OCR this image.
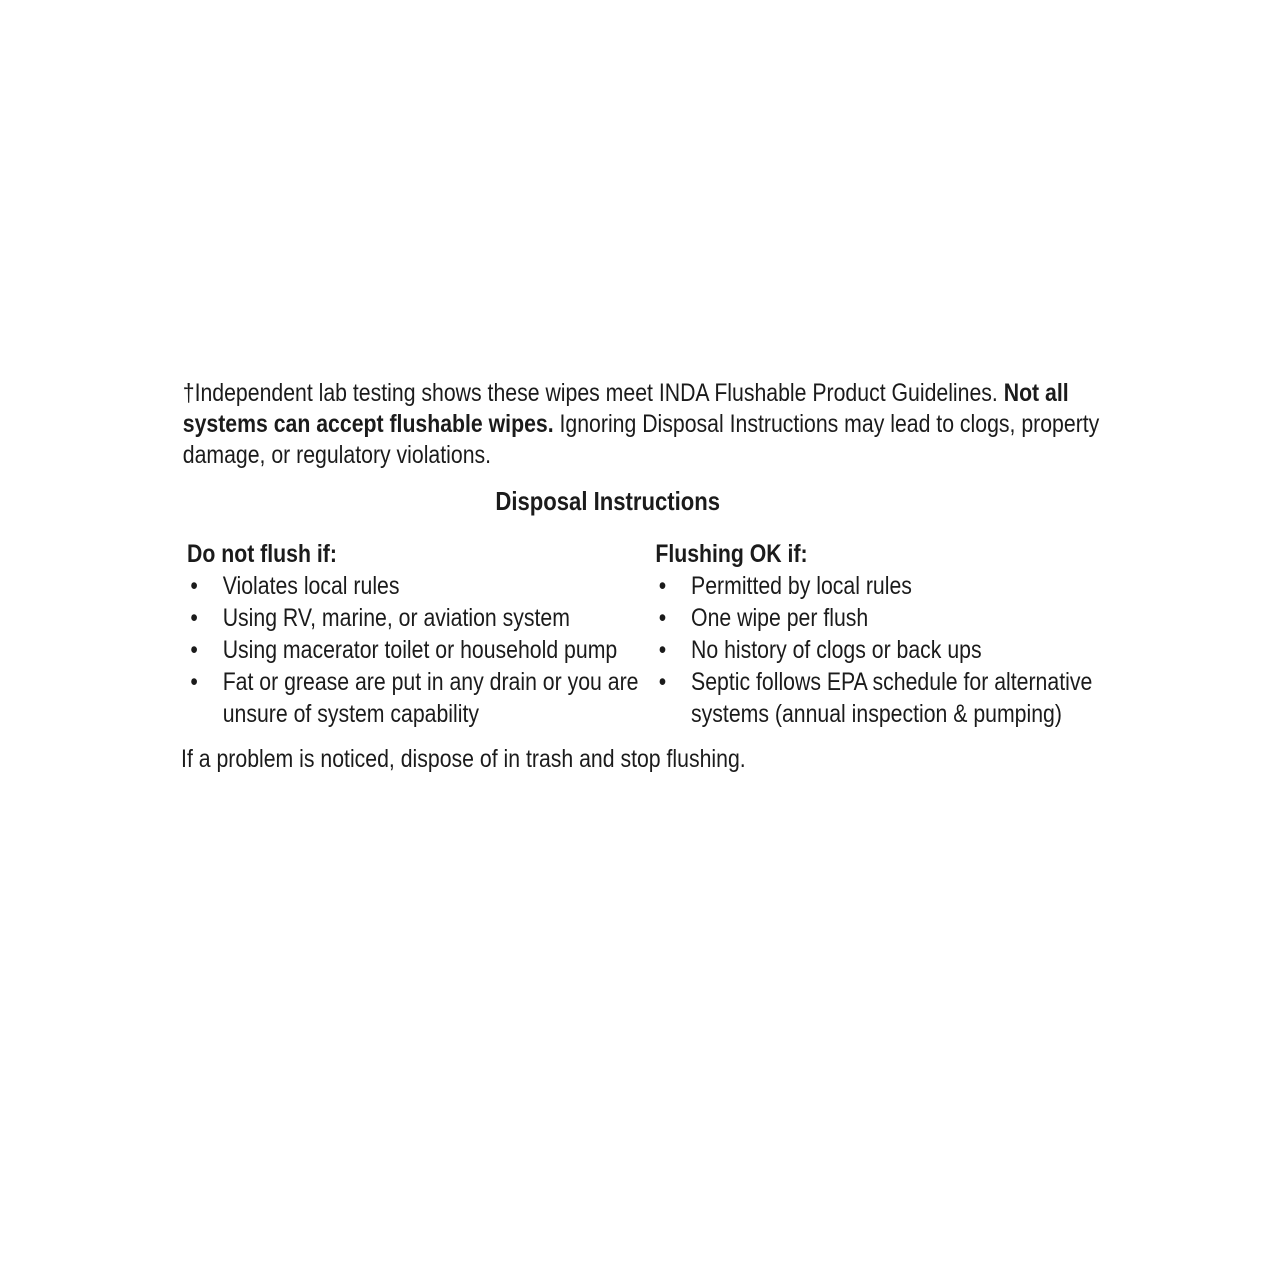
†Independent lab testing shows these wipes meet INDA Flushable Product Guidelines. Not all
systems can accept flushable wipes. Ignoring Disposal Instructions may lead to clogs, property
damage, or regulatory violations.

Disposal Instructions
Do not flush if:
• Violates local rules
• Using RV, marine, or aviation system
• Using macerator toilet or household pump
• Fat or grease are put in any drain or you are unsure of system capability
Flushing OK if:
• Permitted by local rules
• One wipe per flush
• No history of clogs or back ups
• Septic follows EPA schedule for alternative systems (annual inspection & pumping)

If a problem is noticed, dispose of in trash and stop flushing.
